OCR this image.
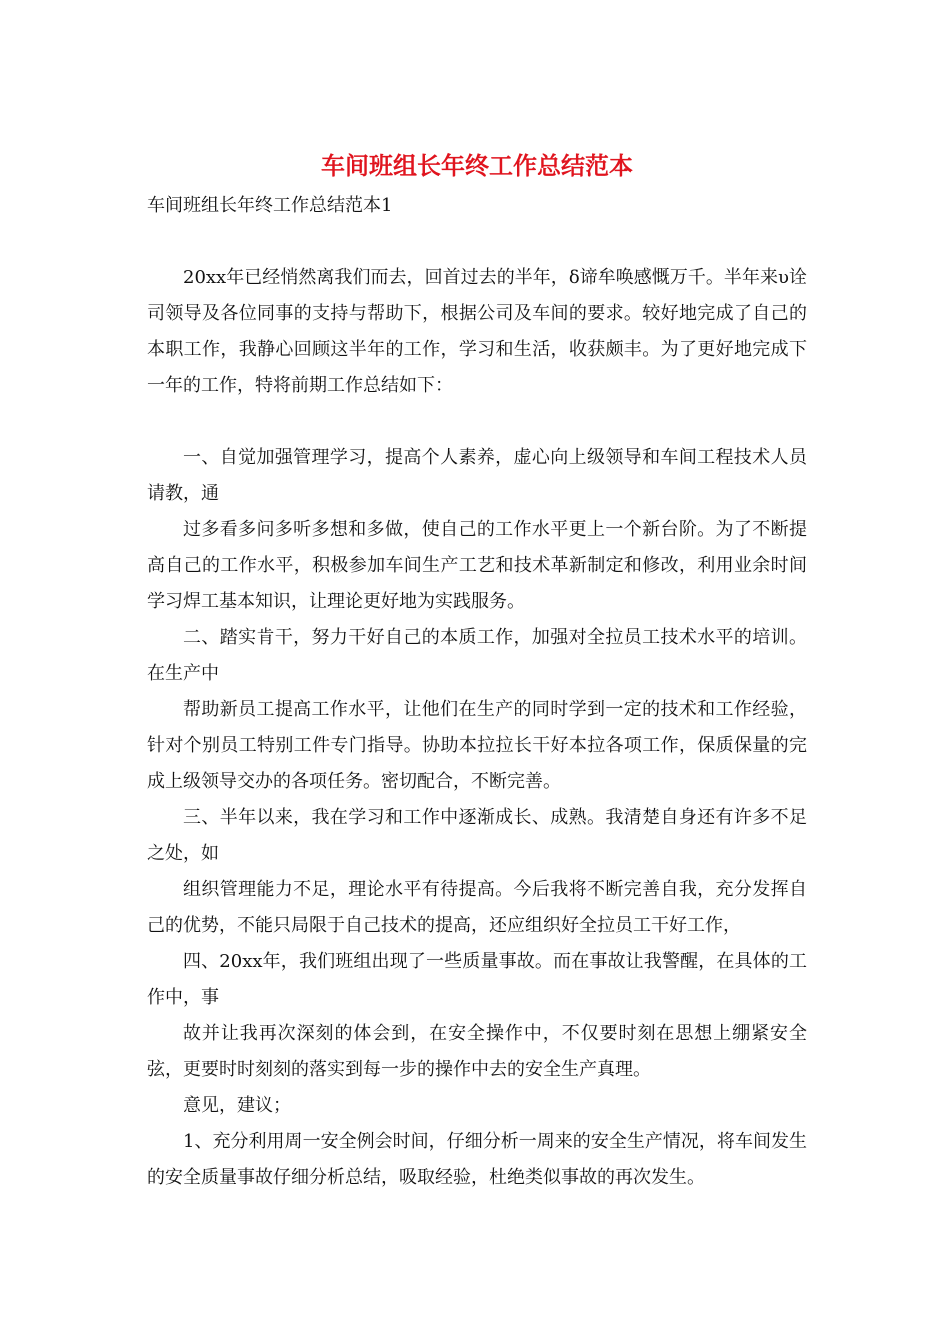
车间班组长年终工作总结范本

车间班组长年终工作总结范本1

20xx年已经悄然离我们而去，回首过去的半年，δ谛牟唤感慨万千。半年来υ诠司领导及各位同事的支持与帮助下，根据公司及车间的要求。较好地完成了自己的本职工作，我静心回顾这半年的工作，学习和生活，收获颇丰。为了更好地完成下一年的工作，特将前期工作总结如下：

一、自觉加强管理学习，提高个人素养，虚心向上级领导和车间工程技术人员请教，通

过多看多问多听多想和多做，使自己的工作水平更上一个新台阶。为了不断提高自己的工作水平，积极参加车间生产工艺和技术革新制定和修改，利用业余时间学习焊工基本知识，让理论更好地为实践服务。

二、踏实肯干，努力干好自己的本质工作，加强对全拉员工技术水平的培训。在生产中

帮助新员工提高工作水平，让他们在生产的同时学到一定的技术和工作经验，针对个别员工特别工件专门指导。协助本拉拉长干好本拉各项工作，保质保量的完成上级领导交办的各项任务。密切配合，不断完善。

三、半年以来，我在学习和工作中逐渐成长、成熟。我清楚自身还有许多不足之处，如

组织管理能力不足，理论水平有待提高。今后我将不断完善自我，充分发挥自己的优势，不能只局限于自己技术的提高，还应组织好全拉员工干好工作，

四、20xx年，我们班组出现了一些质量事故。而在事故让我警醒，在具体的工作中，事

故并让我再次深刻的体会到，在安全操作中，不仅要时刻在思想上绷紧安全弦，更要时时刻刻的落实到每一步的操作中去的安全生产真理。

意见，建议；

1、充分利用周一安全例会时间，仔细分析一周来的安全生产情况，将车间发生的安全质量事故仔细分析总结，吸取经验，杜绝类似事故的再次发生。
